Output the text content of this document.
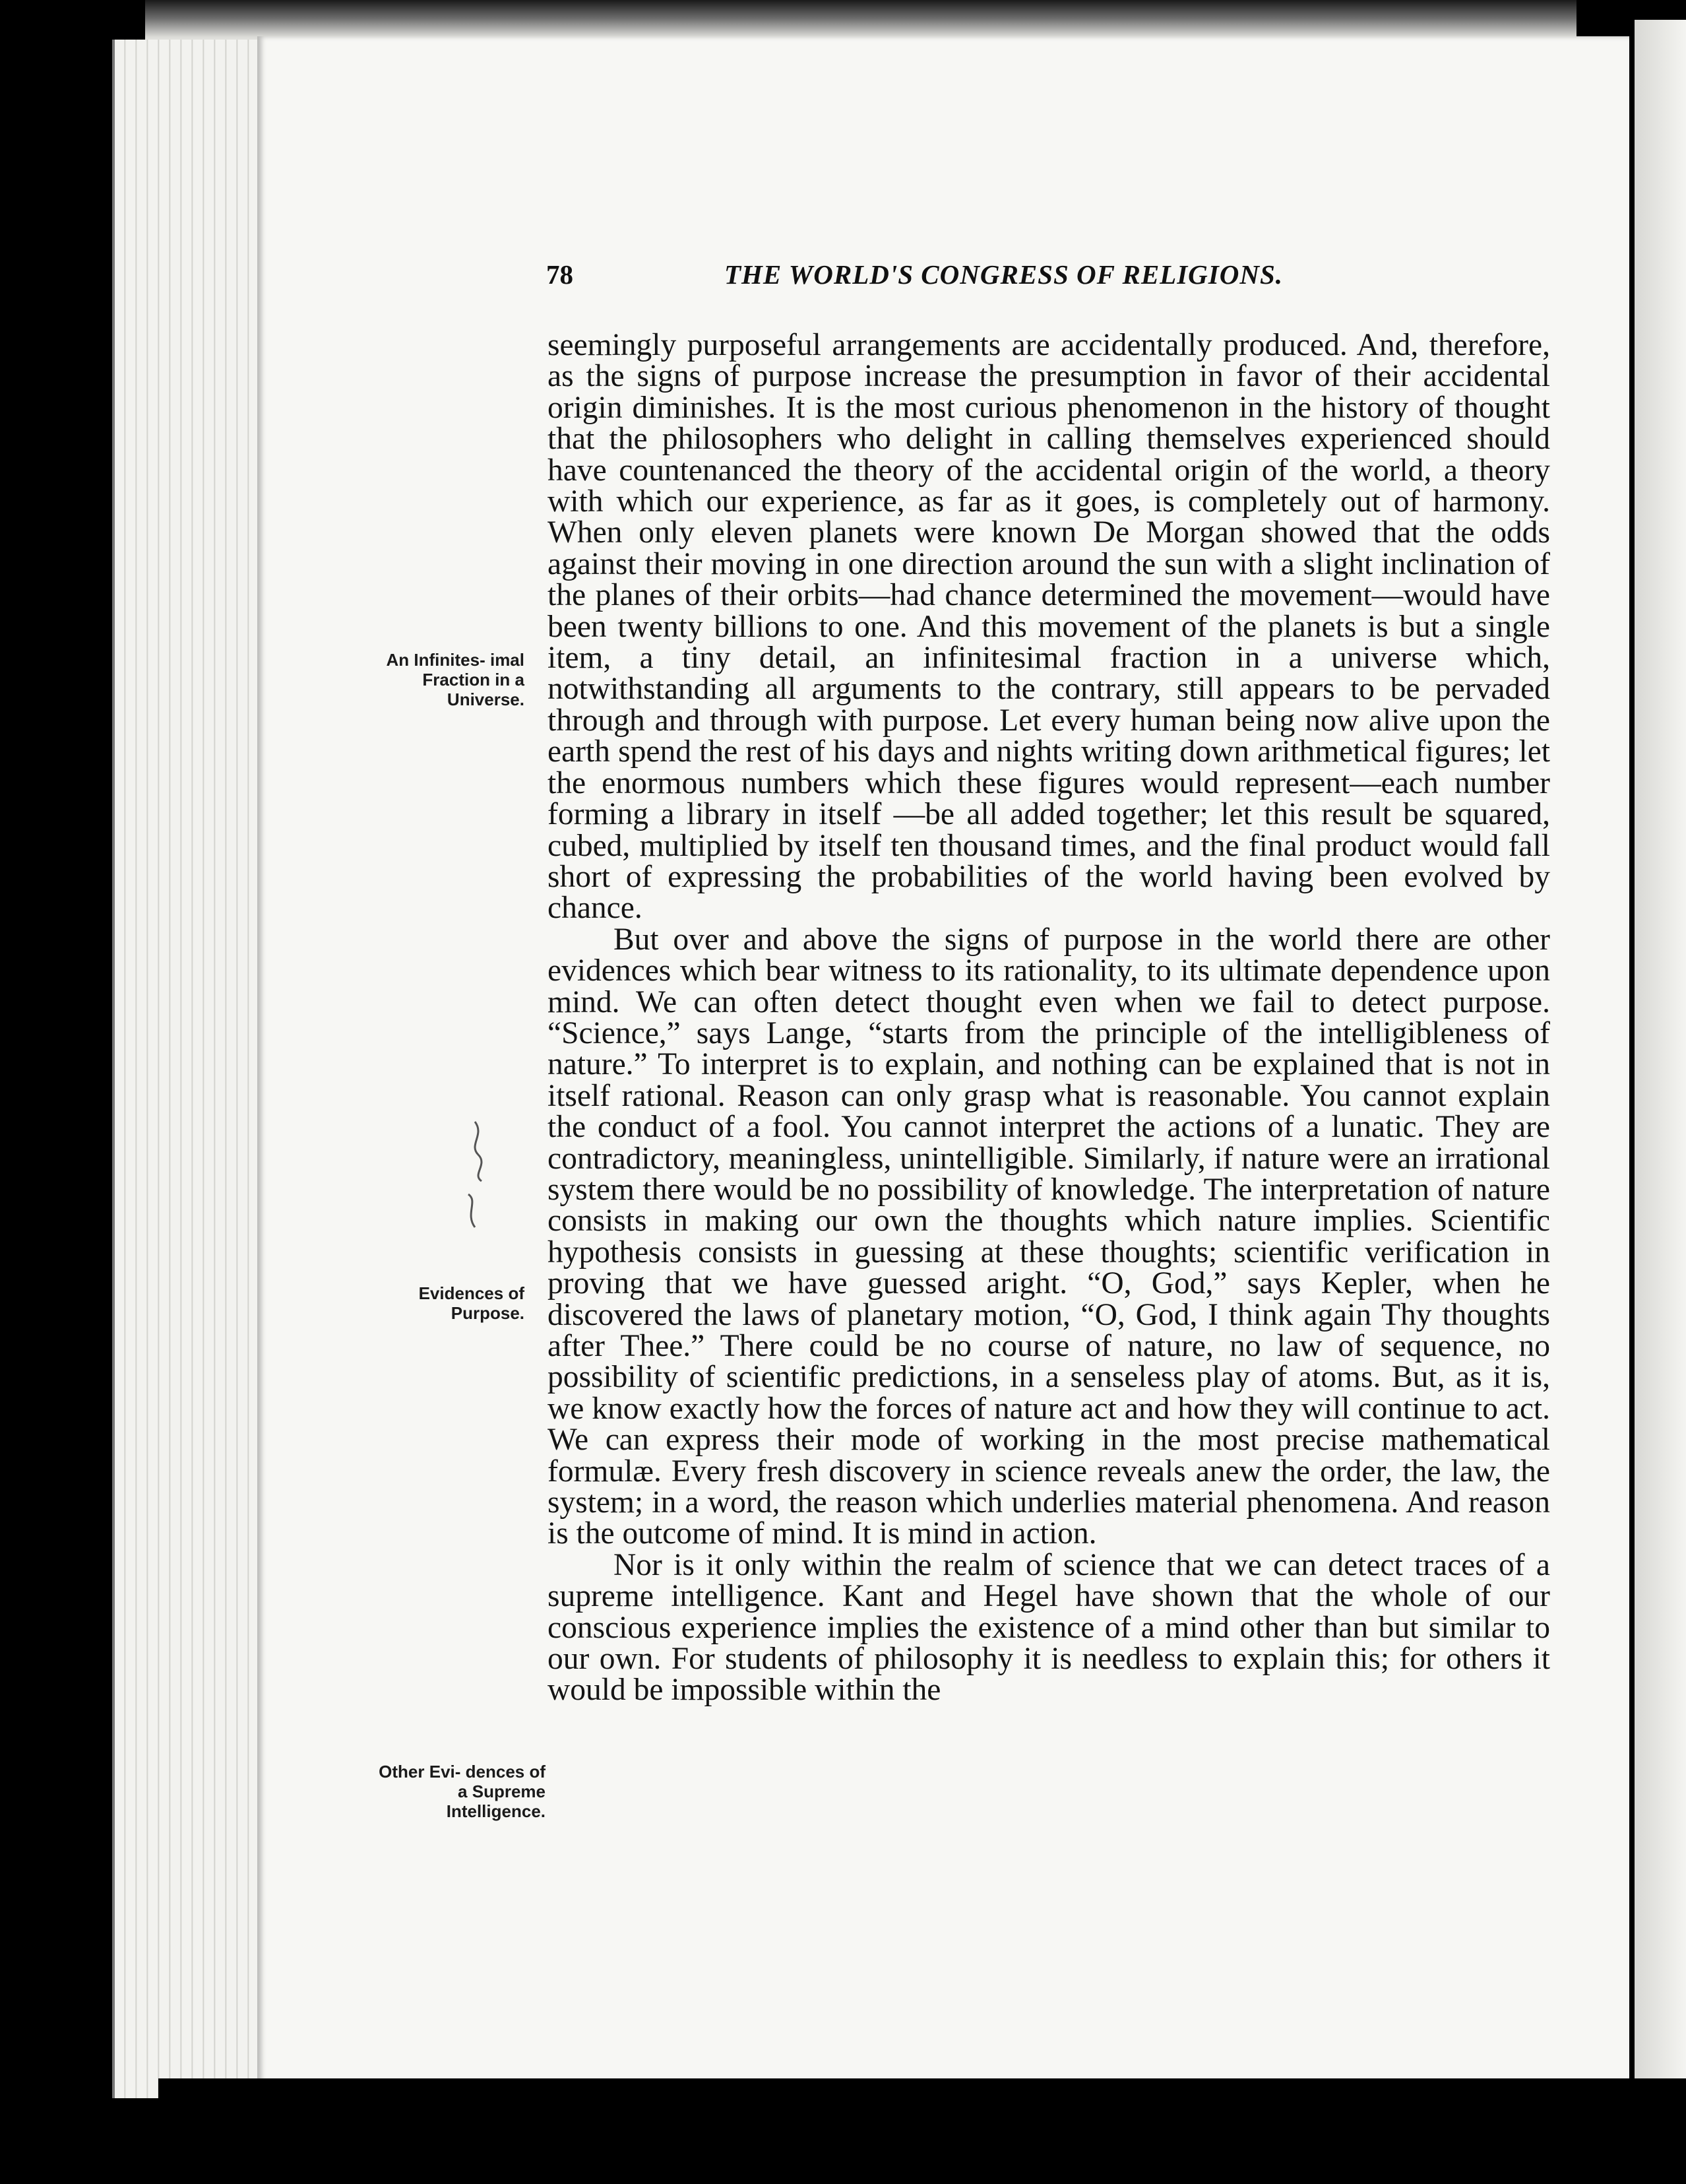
78	THE WORLD'S CONGRESS OF RELIGIONS.
An Infinites- imal Fraction in a Universe.
Evidences of Purpose.
Other Evi- dences of a Supreme Intelligence.

seemingly purposeful arrangements are accidentally produced. And, therefore, as the signs of purpose increase the presumption in favor of their accidental origin diminishes. It is the most curious phenomenon in the history of thought that the philosophers who delight in calling themselves experienced should have countenanced the theory of the accidental origin of the world, a theory with which our experience, as far as it goes, is completely out of harmony. When only eleven planets were known De Morgan showed that the odds against their moving in one direction around the sun with a slight inclination of the planes of their orbits—had chance determined the movement—would have been twenty billions to one. And this movement of the planets is but a single item, a tiny detail, an infinitesimal fraction in a universe which, notwithstanding all arguments to the contrary, still appears to be pervaded through and through with purpose. Let every human being now alive upon the earth spend the rest of his days and nights writing down arithmetical figures; let the enormous numbers which these figures would represent—each number forming a library in itself —be all added together; let this result be squared, cubed, multiplied by itself ten thousand times, and the final product would fall short of expressing the probabilities of the world having been evolved by chance.

But over and above the signs of purpose in the world there are other evidences which bear witness to its rationality, to its ultimate dependence upon mind. We can often detect thought even when we fail to detect purpose. “Science,” says Lange, “starts from the principle of the intelligibleness of nature.” To interpret is to explain, and nothing can be explained that is not in itself rational. Reason can only grasp what is reasonable. You cannot explain the conduct of a fool. You cannot interpret the actions of a lunatic. They are contradictory, meaningless, unintelligible. Similarly, if nature were an irrational system there would be no possibility of knowledge. The interpretation of nature consists in making our own the thoughts which nature implies. Scientific hypothesis consists in guessing at these thoughts; scientific verification in proving that we have guessed aright. “O, God,” says Kepler, when he discovered the laws of planetary motion, “O, God, I think again Thy thoughts after Thee.” There could be no course of nature, no law of sequence, no possibility of scientific predictions, in a senseless play of atoms. But, as it is, we know exactly how the forces of nature act and how they will continue to act. We can express their mode of working in the most precise mathematical formulæ. Every fresh discovery in science reveals anew the order, the law, the system; in a word, the reason which underlies material phenomena. And reason is the outcome of mind. It is mind in action.

Nor is it only within the realm of science that we can detect traces of a supreme intelligence. Kant and Hegel have shown that the whole of our conscious experience implies the existence of a mind other than but similar to our own. For students of philosophy it is needless to explain this; for others it would be impossible within the
